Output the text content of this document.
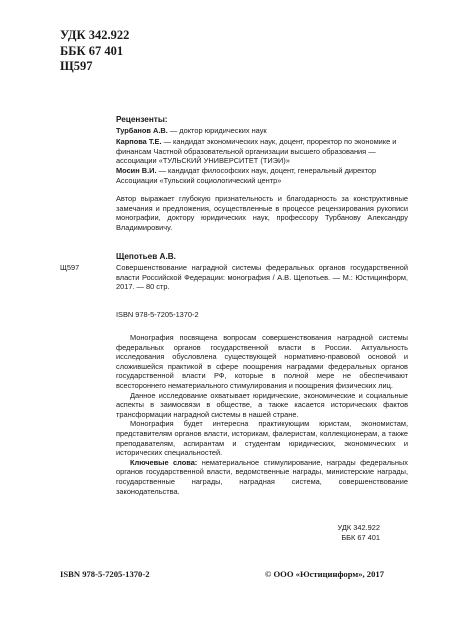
УДК 342.922
ББК 67 401
Щ597
Рецензенты:
Турбанов А.В. — доктор юридических наук
Карпова Т.Е. — кандидат экономических наук, доцент, проректор по экономике и финансам Частной образовательной организации высшего образования — ассоциации «ТУЛЬСКИЙ УНИВЕРСИТЕТ (ТИЭИ)»
Мосин В.И. — кандидат философских наук, доцент, генеральный директор Ассоциации «Тульский социологический центр»
Автор выражает глубокую признательность и благодарность за конструктивные замечания и предложения, осуществленные в процессе рецензирования рукописи монографии, доктору юридических наук, профессору Турбанову Александру Владимировичу.
Щепотьев А.В.
Щ597	Совершенствование наградной системы федеральных органов государственной власти Российской Федерации: монография / А.В. Щепотьев. — М.: Юстицинформ, 2017. — 80 стр.
ISBN 978-5-7205-1370-2

Монография посвящена вопросам совершенствования наградной системы федеральных органов государственной власти в России. Актуальность исследования обусловлена существующей нормативно-правовой основой и сложившейся практикой в сфере поощрения наградами федеральных органов государственной власти РФ, которые в полной мере не обеспечивают всестороннего нематериального стимулирования и поощрения физических лиц.

Данное исследование охватывает юридические, экономические и социальные аспекты в заимосвязи в обществе, а также касается исторических фактов трансформации наградной системы в нашей стране.

Монография будет интересна практикующим юристам, экономистам, представителям органов власти, историкам, фалеристам, коллекционерам, а также преподавателям, аспирантам и студентам юридических, экономических и исторических специальностей.

Ключевые слова: нематериальное стимулирование, награды федеральных органов государственной власти, ведомственные награды, министерские награды, государственные награды, наградная система, совершенствование законодательства.

УДК 342.922
ББК 67 401
ISBN 978-5-7205-1370-2	© ООО «Юстицинформ», 2017
